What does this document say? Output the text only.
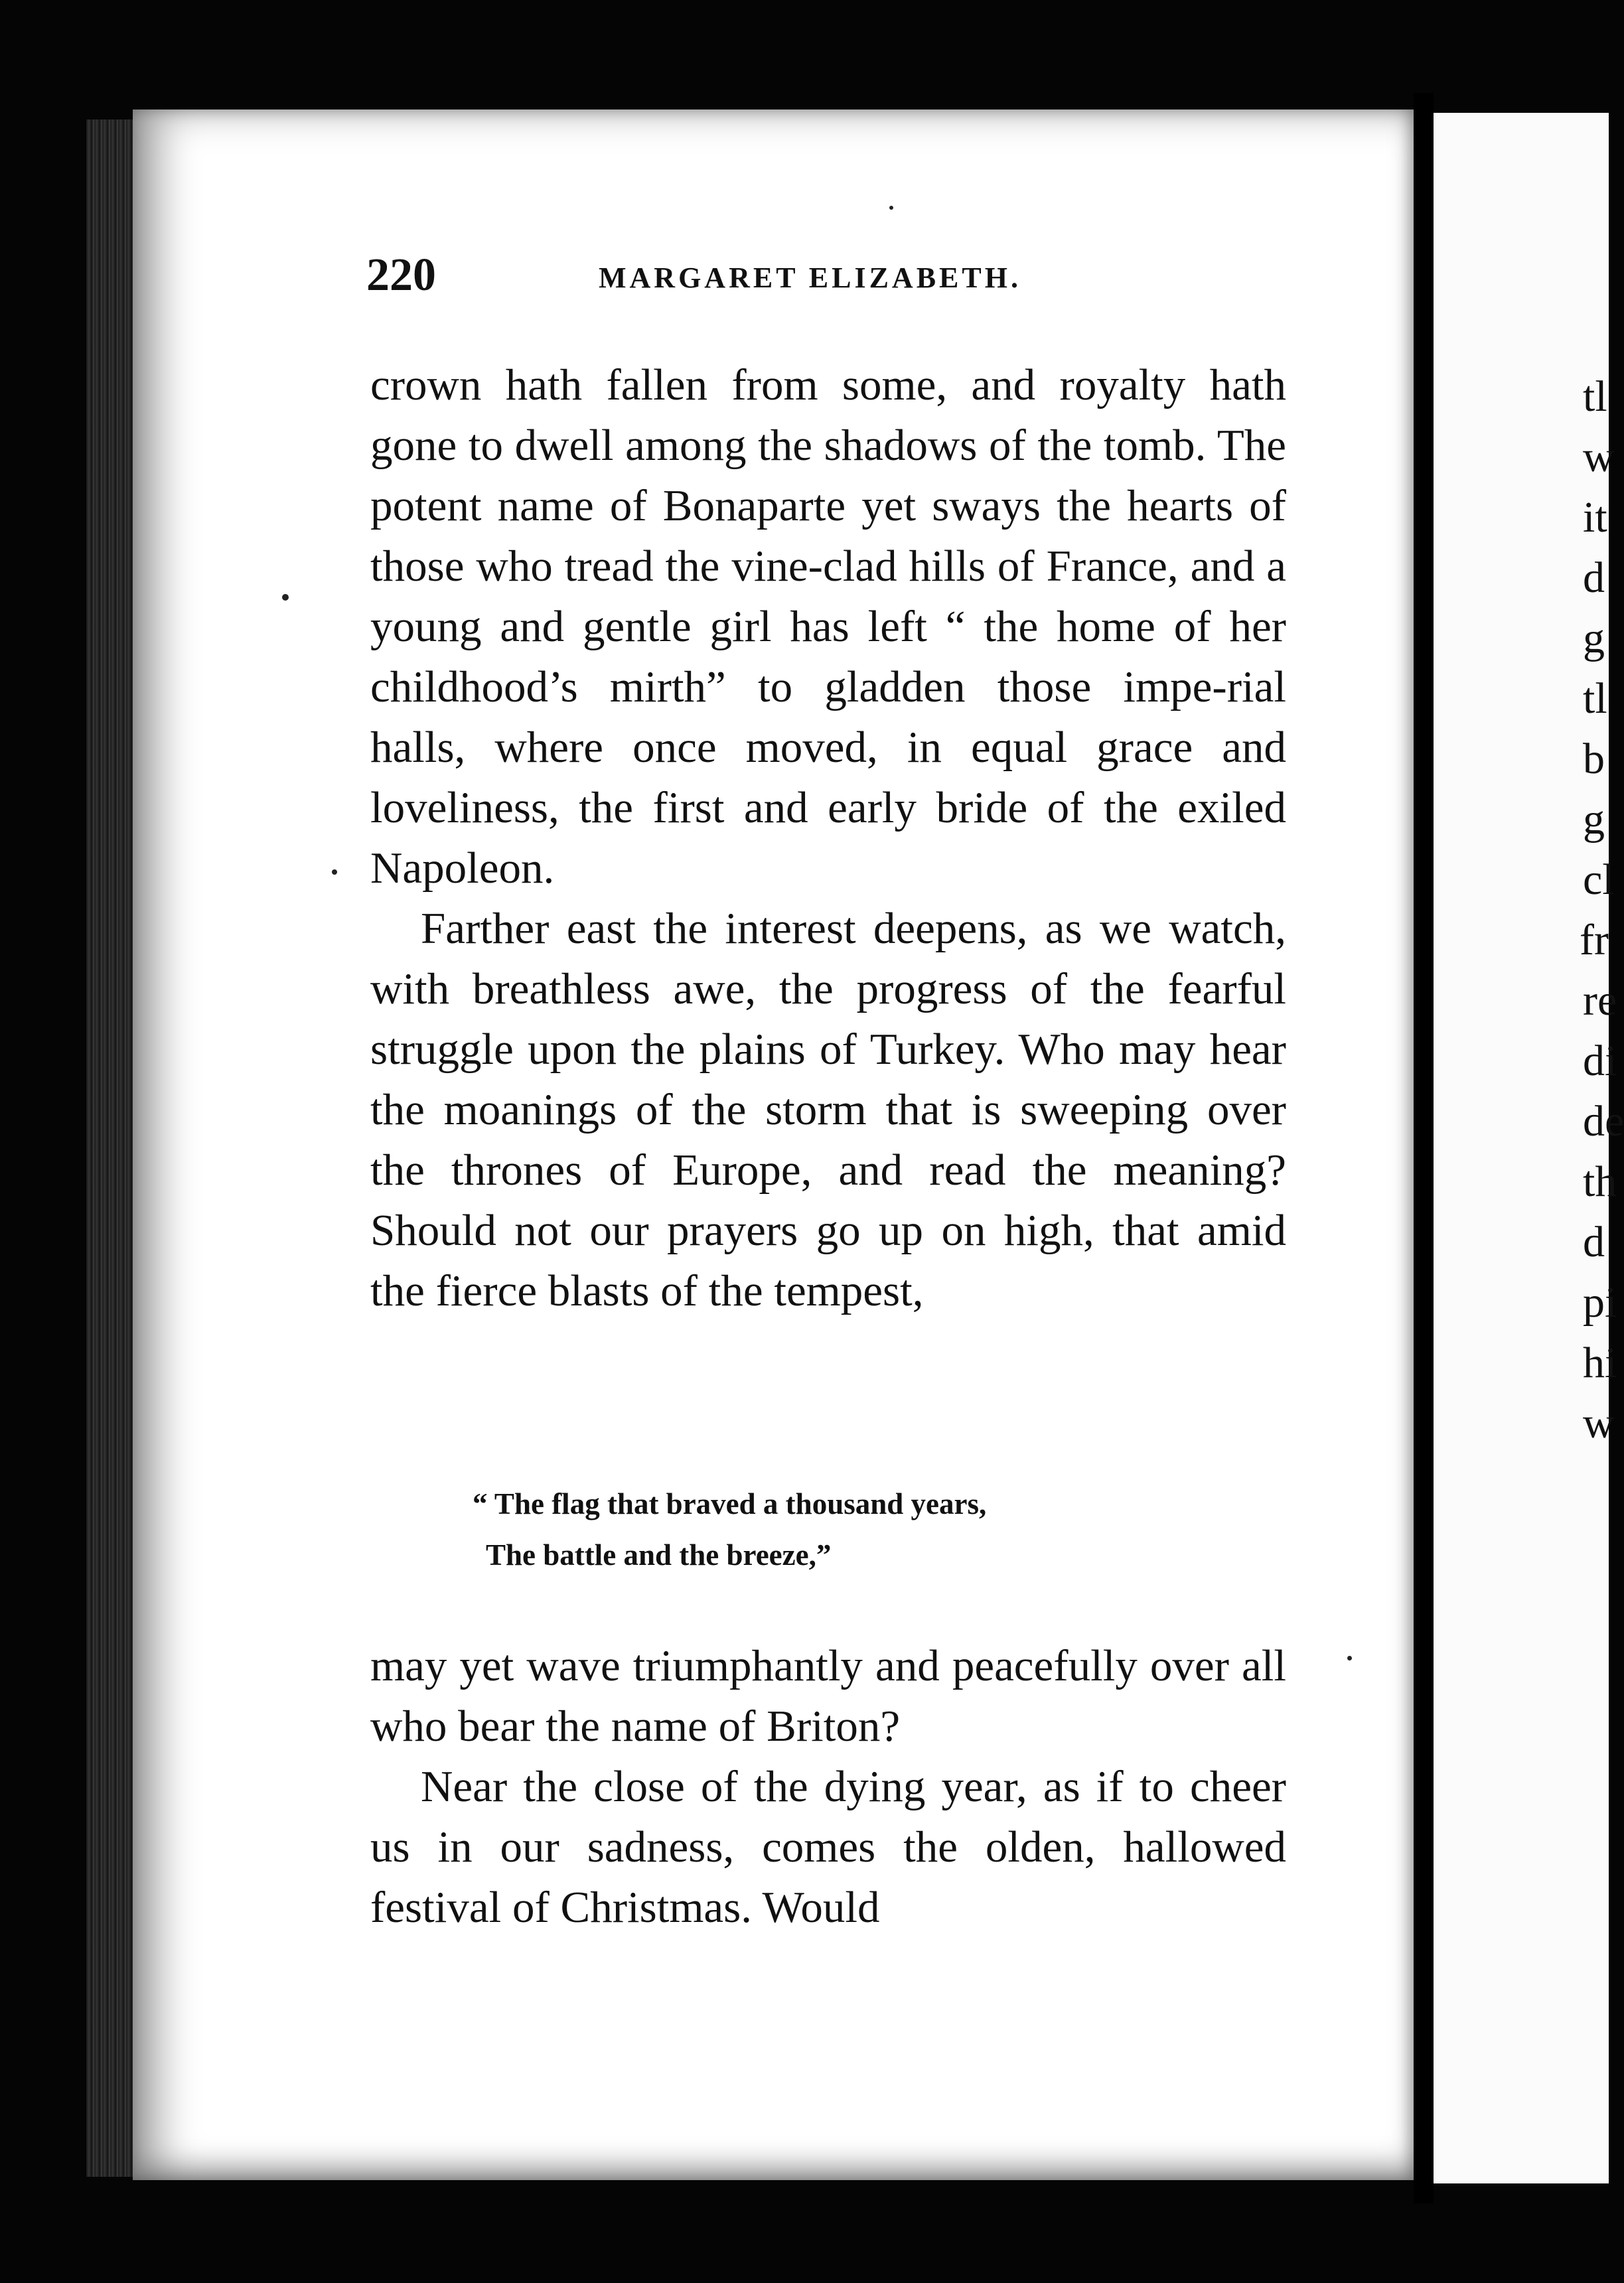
220	MARGARET ELIZABETH.

crown hath fallen from some, and royalty hath gone to dwell among the shadows of the tomb. The potent name of Bonaparte yet sways the hearts of those who tread the vine-clad hills of France, and a young and gentle girl has left “ the home of her childhood’s mirth” to gladden those impe-rial halls, where once moved, in equal grace and loveliness, the first and early bride of the exiled Napoleon.

Farther east the interest deepens, as we watch, with breathless awe, the progress of the fearful struggle upon the plains of Turkey. Who may hear the moanings of the storm that is sweeping over the thrones of Europe, and read the meaning? Should not our prayers go up on high, that amid the fierce blasts of the tempest,

“ The flag that braved a thousand years,
The battle and the breeze,”

may yet wave triumphantly and peacefully over all who bear the name of Briton?

Near the close of the dying year, as if to cheer us in our sadness, comes the olden, hallowed festival of Christmas. Would

tl
w
it
d
g
tl
b
g
cl
fr
re
di
de
th
d
pi
hi
w
